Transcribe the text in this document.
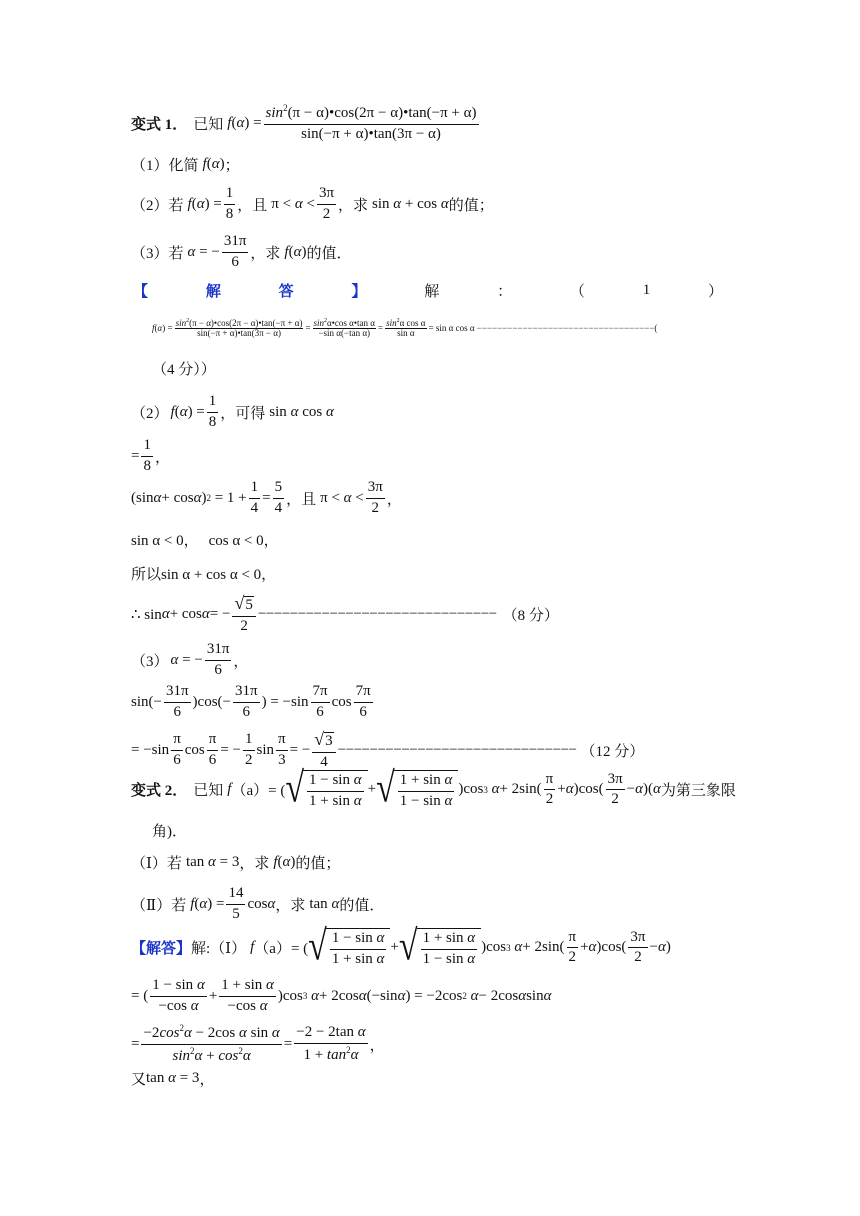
变式 1． 已知 f ( α ) = $\frac{\sin^2(\pi - \alpha)•\cos(2\pi - \alpha)•\tan(-\pi + \alpha)}{\sin(-\pi + \alpha)•\tan(3\pi - \alpha)}$
（1）化简 f ( α ) ；
（2）若 f ( α ) = $\frac{1}{8}$ ，且 $\pi < \alpha < \frac{3\pi}{2}$ ，求 sin α + cos α 的值；
（3）若 α = − $\frac{31\pi}{6}$ ，求 f ( α ) 的值．
【	解	答	】	解	：	（	1	）
f ( α ) = $\frac{\sin^2(\pi - \alpha)•\cos(2\pi - \alpha)•\tan(-\pi + \alpha)}{\sin(-\pi + \alpha)•\tan(3\pi - \alpha)} = \frac{\sin^2\alpha•\cos \alpha•\tan \alpha}{\text{−sin α(−tan α)}} = \frac{\sin^2\alpha \cos \alpha}{\text{sin α}} = \sin \alpha$ cos α −−−−−−−−−−−−−−−−−−−−−−−−−−−−−−−−−−−(
（4 分））
（2） f ( α ) = $\frac{1}{8}$ ，可得 sin α cos α
= $\frac{1}{8}$ ，
(sin α + cos α ) $2 = 1 + \frac{1}{4} = \frac{5}{4}$ ，且 $\pi < \alpha < \frac{3\pi}{2}$ ，
sin α < 0， cos α < 0，
所以 sin α + cos α < 0，
∴ sin α + cos α = − $\frac{√5}{2}$ −−−−−−−−−−−−−−−−−−−−−−−−−−−−−− （8 分）
（3） α = − $\frac{31\pi}{6}$ ，
$\sin(- \frac{31\pi}{6} )\cos(- \frac{31\pi}{6}$ ) = $-\sin \frac{7\pi}{6}$ $\cos \frac{7\pi}{6}$
= $-\sin \frac{\pi}{6}$ $\cos \frac{\pi}{6}$ = − $\frac{1}{2}$ $\sin \frac{\pi}{3}$ = − $\frac{√3}{4}$ −−−−−−−−−−−−−−−−−−−−−−−−−−−−−− （12 分）
变式 2． 已知 f （a）= ( √ $\frac{\text{1 − sin α}}{\text{1 + sin α}}$ + √ $\frac{\text{1 + sin α}}{\text{1 − sin α}} )\cos$ 3
$\alpha + 2\sin( \frac{\pi}{2} + \alpha$ )$\cos( \frac{3\pi}{2} - \alpha$ )( α 为第三象限
角)．
（Ⅰ）若 tan α = 3 ，求 f ( α ) 的值；
（Ⅱ）若 f ( α ) = $\frac{14}{5}$ cos α ，求 tan α 的值．
【解答】 解:（Ⅰ） f （a）= ( √ $\frac{\text{1 − sin α}}{\text{1 + sin α}}$ + √ $\frac{\text{1 + sin α}}{\text{1 − sin α}} )\cos$ 3
$\alpha + 2\sin( \frac{\pi}{2} + \alpha$ )$\cos( \frac{3\pi}{2} - \alpha$ )
= ( $\frac{\text{1 − sin α}}{\text{−cos α}} + \frac{\text{1 + sin α}}{\text{−cos α}} )\cos$ 3
α + 2cos α (−sin α ) = −2cos 2
α − 2cos α sin α
= $\frac{-2\cos^2\alpha - 2\cos \alpha \sin \alpha}{\sin^2\alpha + \cos^2\alpha} = \frac{\text{−2 − 2tan α}}{1 + \tan^2\alpha}$ ，
又 tan α = 3 ，
